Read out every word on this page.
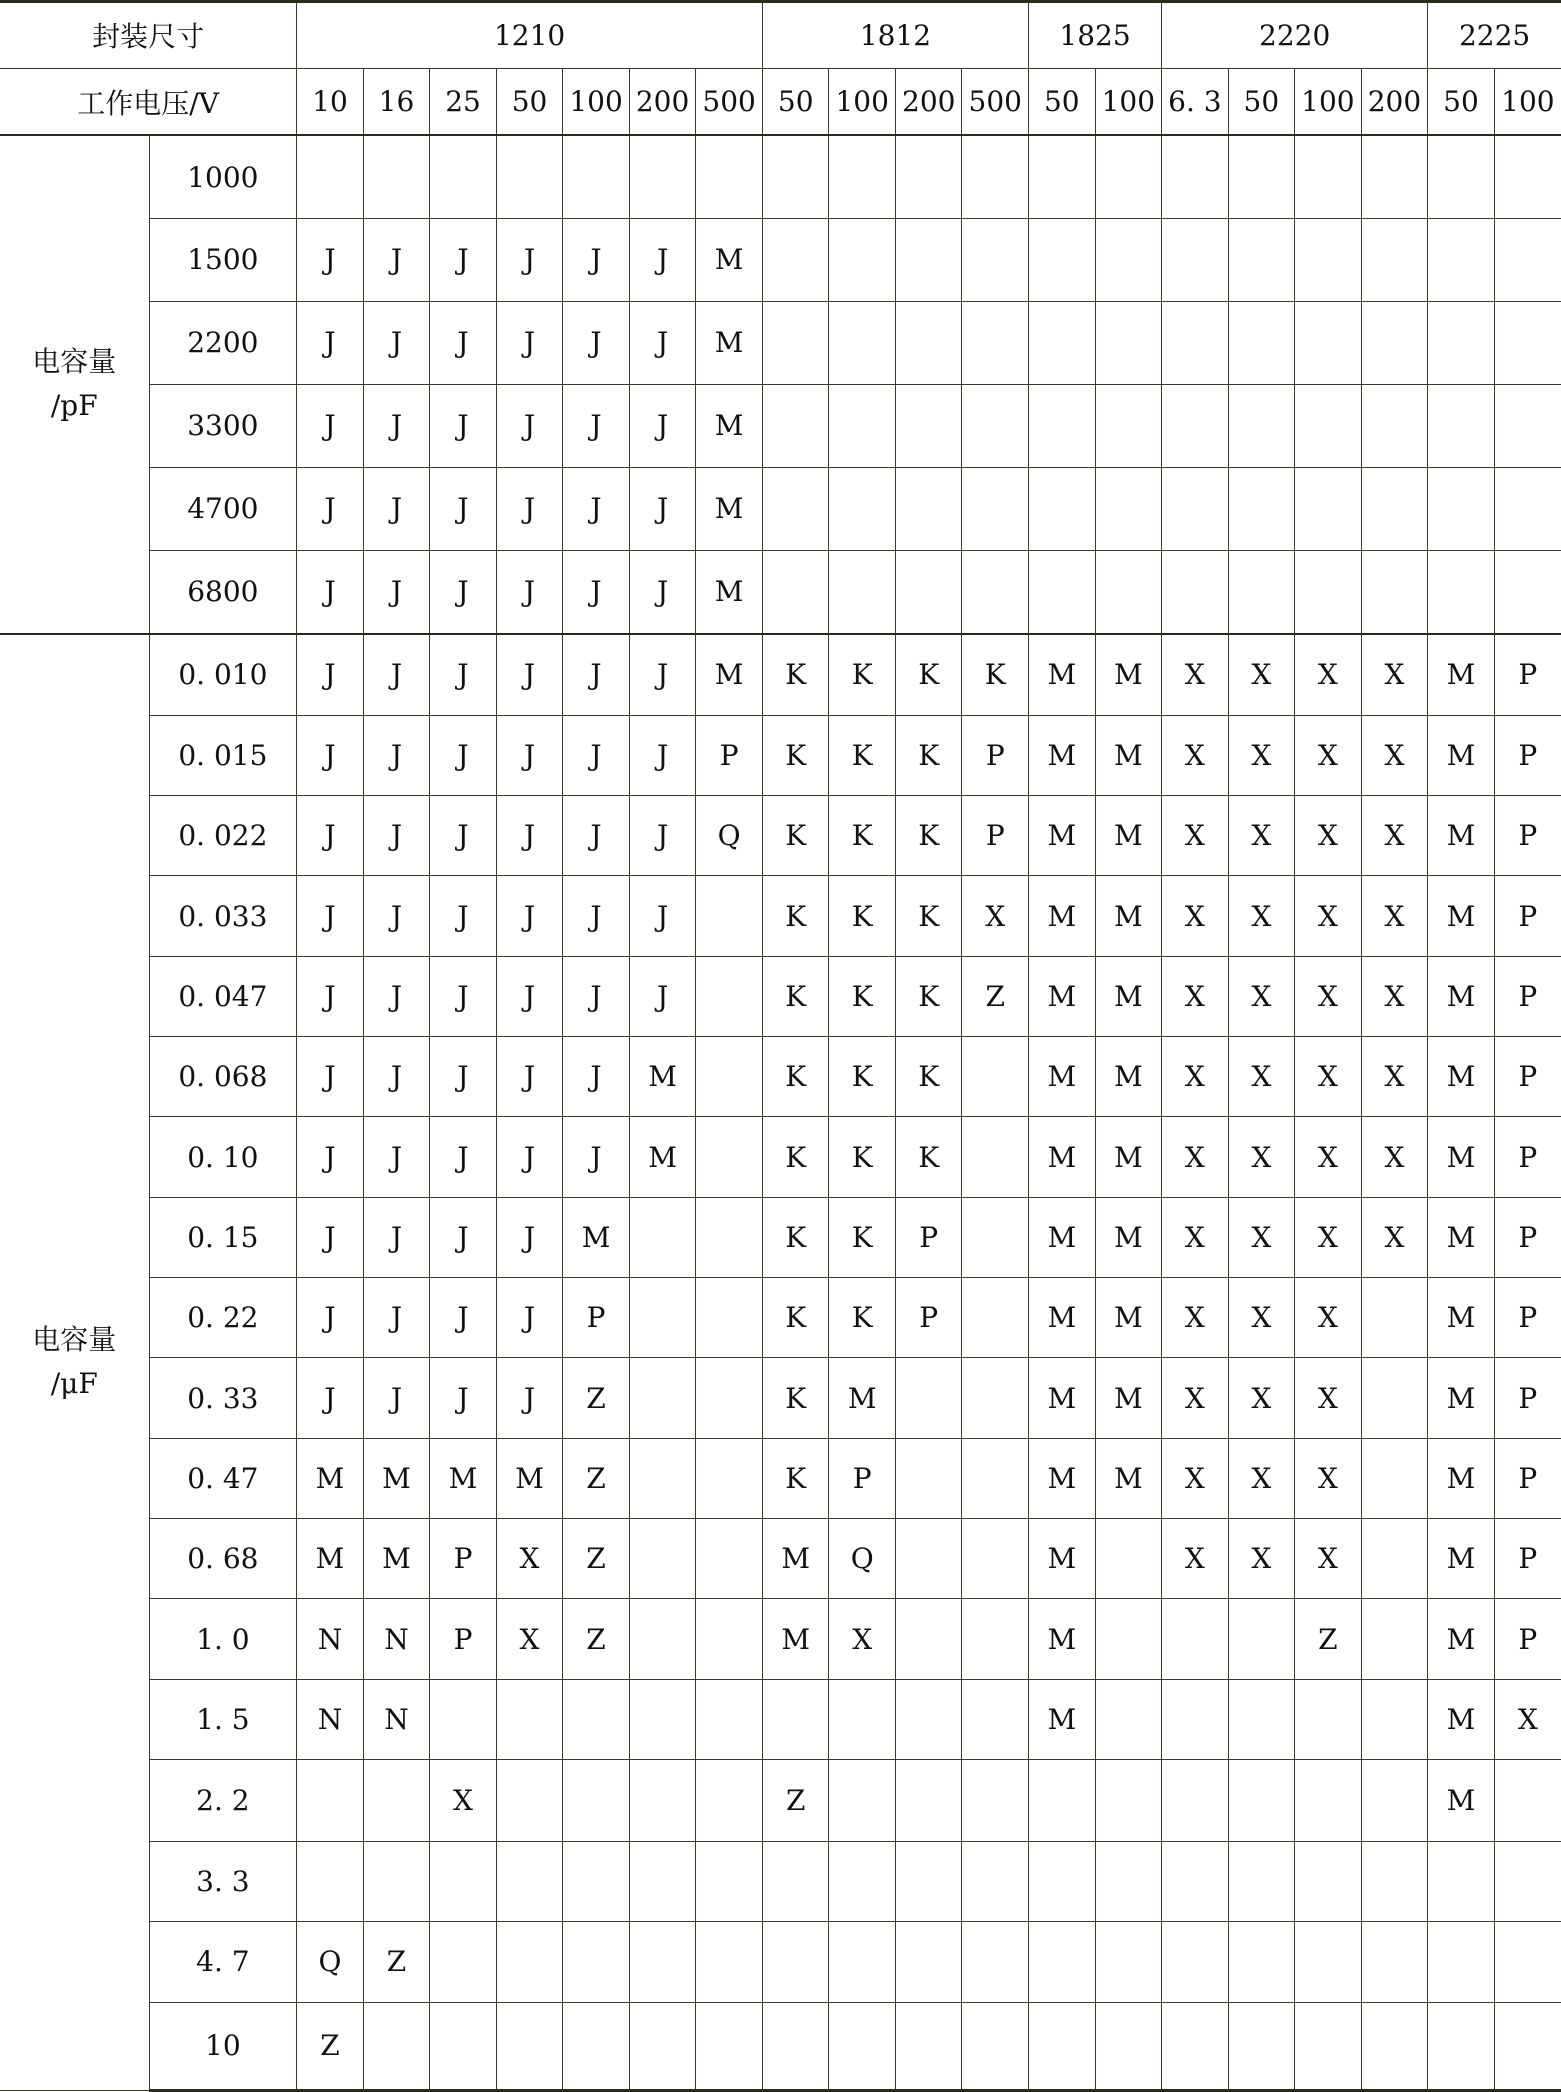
封装尺寸		1210							1812				1825		2220				2225	
工作电压/V		10	16	25	50	100	200	500	50	100	200	500	50	100	6. 3	50	100	200	50	100

电容量
/pF	1000																			
	1500	J	J	J	J	J	J	M												
	2200	J	J	J	J	J	J	M												
	3300	J	J	J	J	J	J	M												
	4700	J	J	J	J	J	J	M												
	6800	J	J	J	J	J	J	M												

电容量
/μF	0. 010	J	J	J	J	J	J	M	K	K	K	K	M	M	X	X	X	X	M	P
	0. 015	J	J	J	J	J	J	P	K	K	K	P	M	M	X	X	X	X	M	P
	0. 022	J	J	J	J	J	J	Q	K	K	K	P	M	M	X	X	X	X	M	P
	0. 033	J	J	J	J	J	J		K	K	K	X	M	M	X	X	X	X	M	P
	0. 047	J	J	J	J	J	J		K	K	K	Z	M	M	X	X	X	X	M	P
	0. 068	J	J	J	J	J	M		K	K	K		M	M	X	X	X	X	M	P
	0. 10	J	J	J	J	J	M		K	K	K		M	M	X	X	X	X	M	P
	0. 15	J	J	J	J	M			K	K	P		M	M	X	X	X	X	M	P
	0. 22	J	J	J	J	P			K	K	P		M	M	X	X	X		M	P
	0. 33	J	J	J	J	Z			K	M			M	M	X	X	X		M	P
	0. 47	M	M	M	M	Z			K	P			M	M	X	X	X		M	P
	0. 68	M	M	P	X	Z			M	Q			M		X	X	X		M	P
	1. 0	N	N	P	X	Z			M	X			M				Z		M	P
	1. 5	N	N										M						M	X
	2. 2			X					Z										M	
	3. 3																			
	4. 7	Q	Z																	
	10	Z																		
